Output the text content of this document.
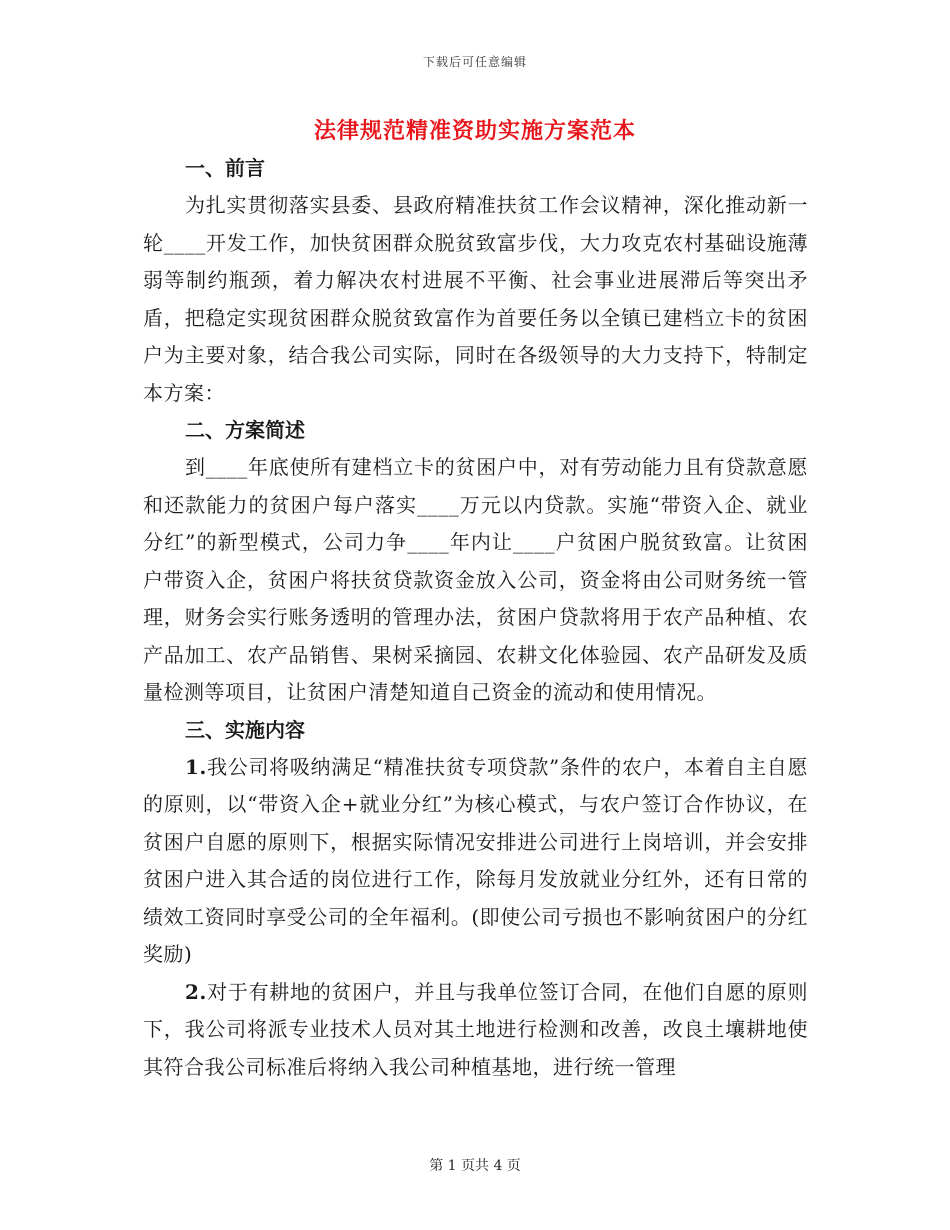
下载后可任意编辑
法律规范精准资助实施方案范本
一、前言

为扎实贯彻落实县委、县政府精准扶贫工作会议精神，深化推动新一轮____开发工作，加快贫困群众脱贫致富步伐，大力攻克农村基础设施薄弱等制约瓶颈，着力解决农村进展不平衡、社会事业进展滞后等突出矛盾，把稳定实现贫困群众脱贫致富作为首要任务以全镇已建档立卡的贫困户为主要对象，结合我公司实际，同时在各级领导的大力支持下，特制定本方案：

二、方案简述

到____年底使所有建档立卡的贫困户中，对有劳动能力且有贷款意愿和还款能力的贫困户每户落实____万元以内贷款。实施“带资入企、就业分红”的新型模式，公司力争____年内让____户贫困户脱贫致富。让贫困户带资入企，贫困户将扶贫贷款资金放入公司，资金将由公司财务统一管理，财务会实行账务透明的管理办法，贫困户贷款将用于农产品种植、农产品加工、农产品销售、果树采摘园、农耕文化体验园、农产品研发及质量检测等项目，让贫困户清楚知道自己资金的流动和使用情况。

三、实施内容

1.我公司将吸纳满足“精准扶贫专项贷款”条件的农户，本着自主自愿的原则，以“带资入企+就业分红”为核心模式，与农户签订合作协议，在贫困户自愿的原则下，根据实际情况安排进公司进行上岗培训，并会安排贫困户进入其合适的岗位进行工作，除每月发放就业分红外，还有日常的绩效工资同时享受公司的全年福利。(即使公司亏损也不影响贫困户的分红奖励)

2.对于有耕地的贫困户，并且与我单位签订合同，在他们自愿的原则下，我公司将派专业技术人员对其土地进行检测和改善，改良土壤耕地使其符合我公司标准后将纳入我公司种植基地，进行统一管理

第 1 页共 4 页
